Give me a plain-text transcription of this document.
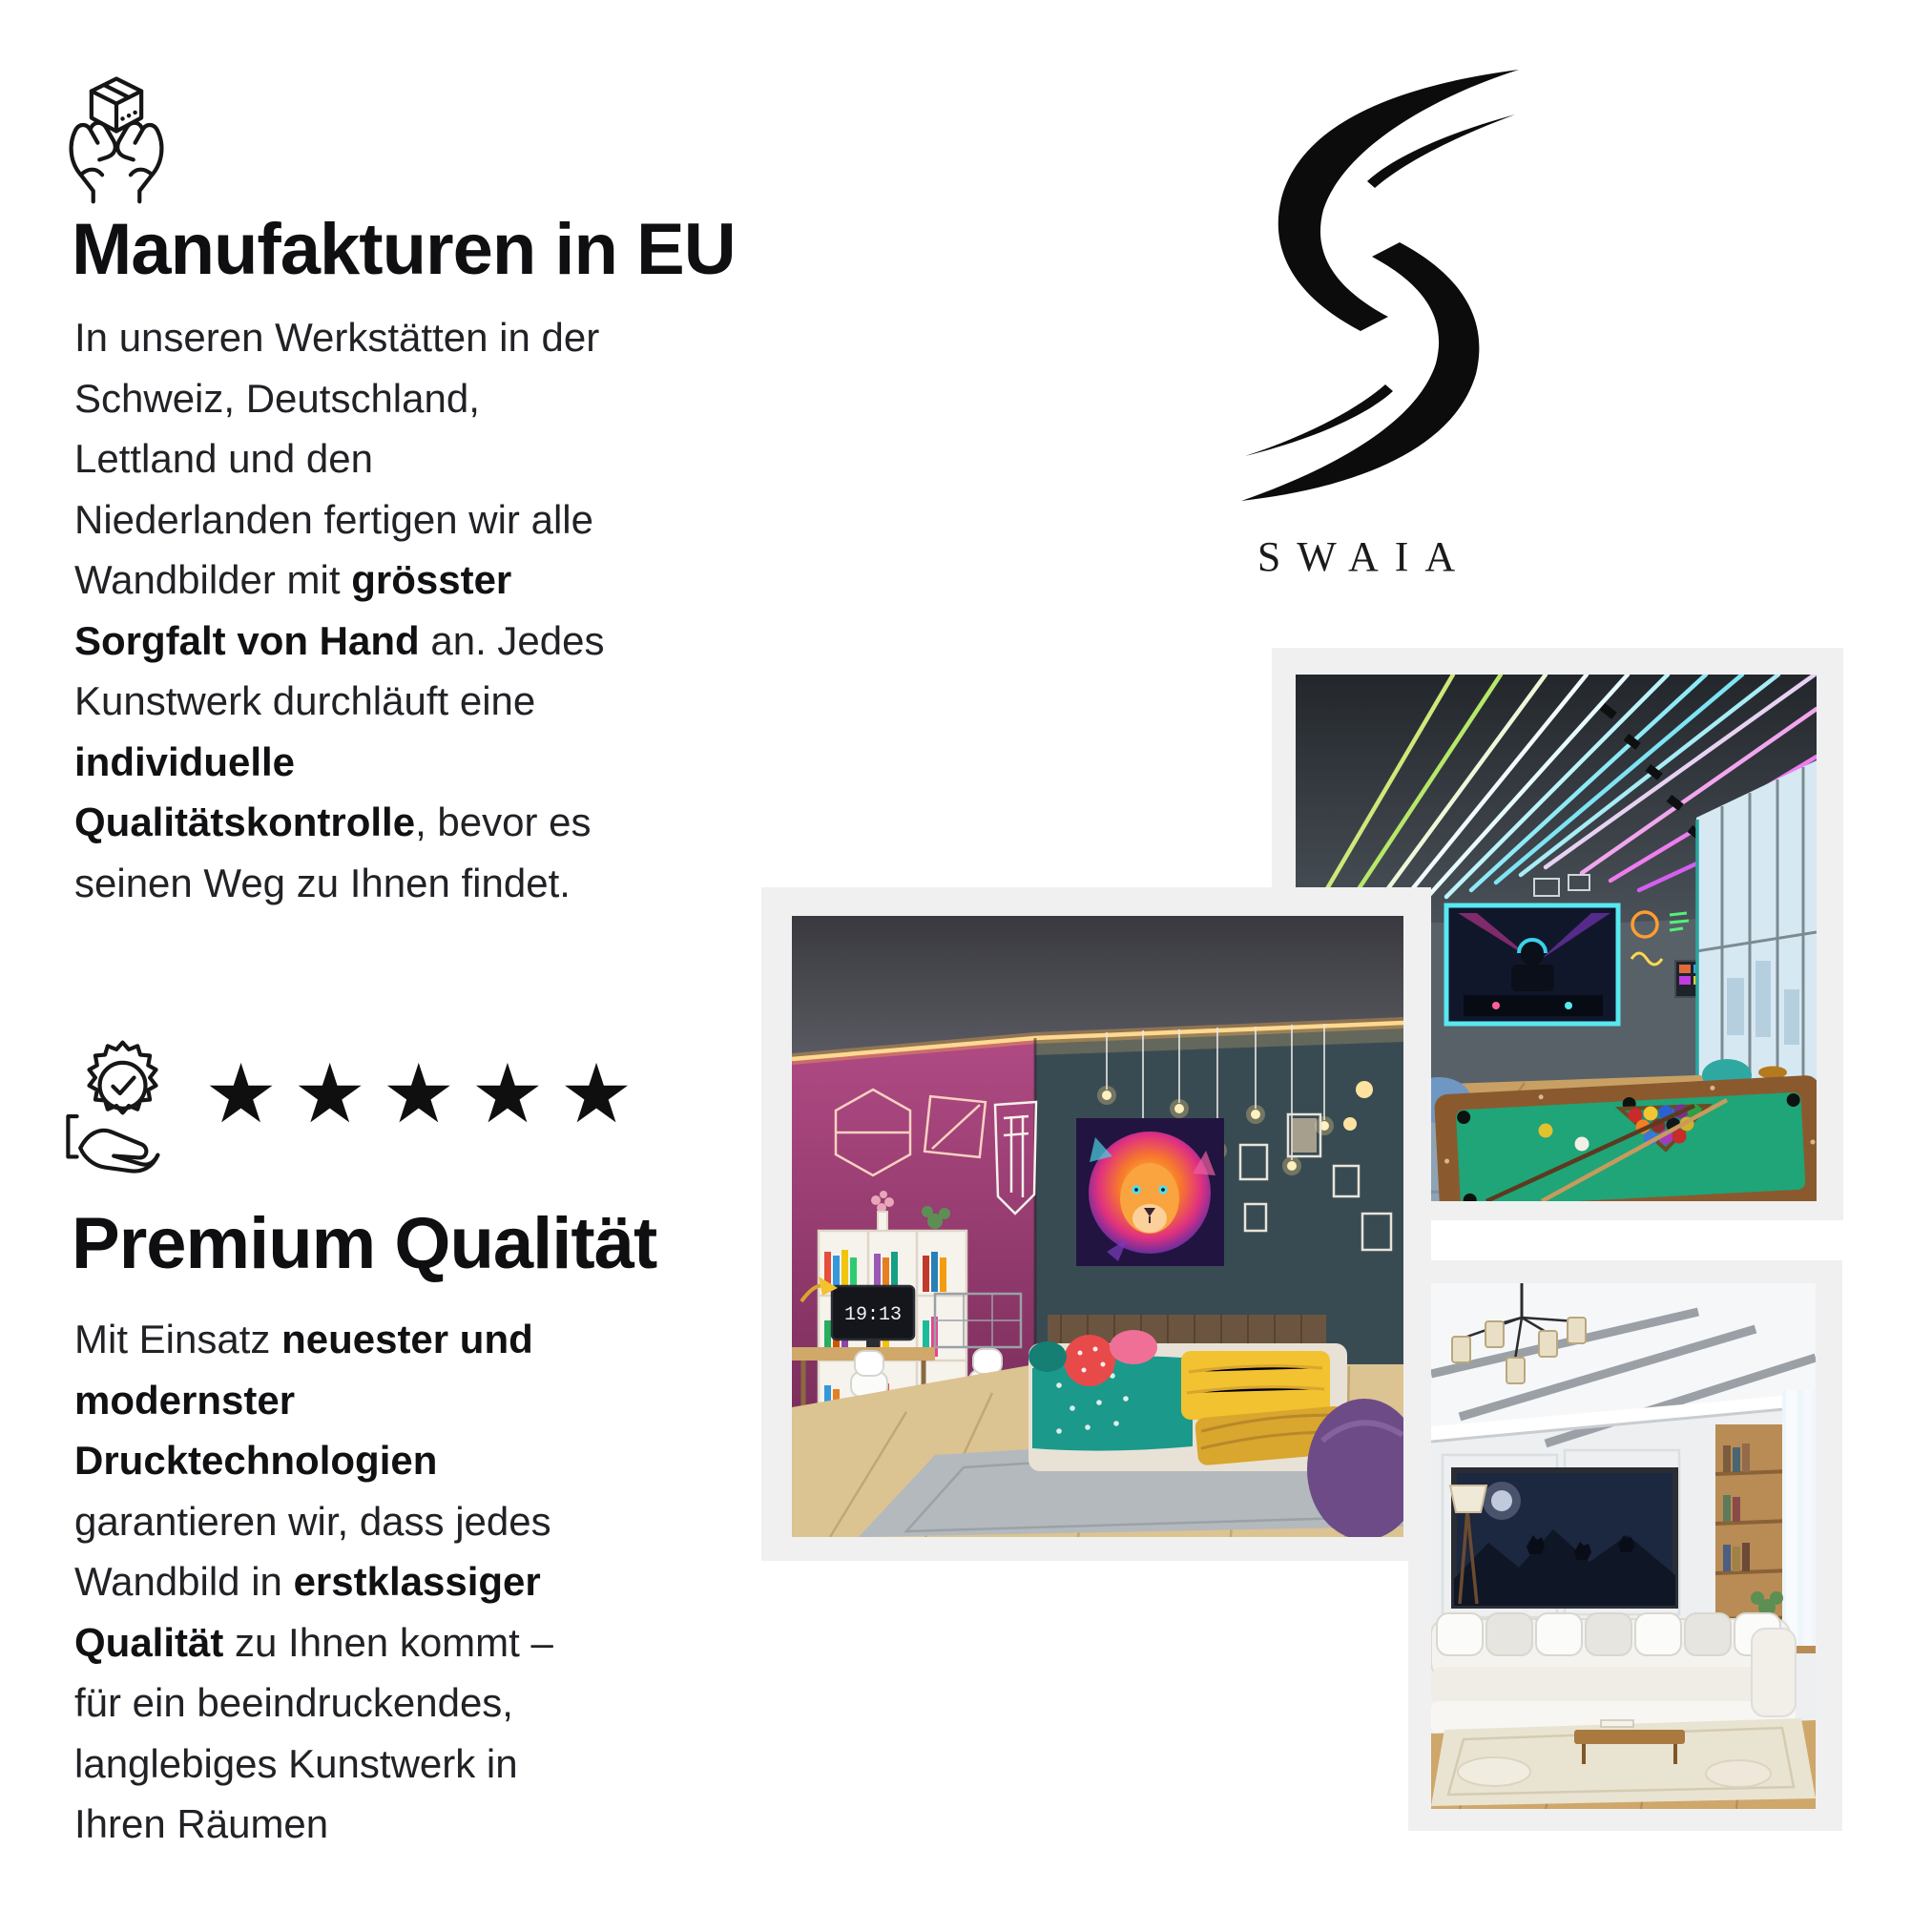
Manufakturen in EU
In unseren Werkstätten in der
Schweiz, Deutschland,
Lettland und den
Niederlanden fertigen wir alle
Wandbilder mit grösster
Sorgfalt von Hand an. Jedes
Kunstwerk durchläuft eine
individuelle
Qualitätskontrolle, bevor es
seinen Weg zu Ihnen findet.
★★★★★
Premium Qualität
Mit Einsatz neuester und
modernster
Drucktechnologien
garantieren wir, dass jedes
Wandbild in erstklassiger
Qualität zu Ihnen kommt –
für ein beeindruckendes,
langlebiges Kunstwerk in
Ihren Räumen
SWAIA
19:13
